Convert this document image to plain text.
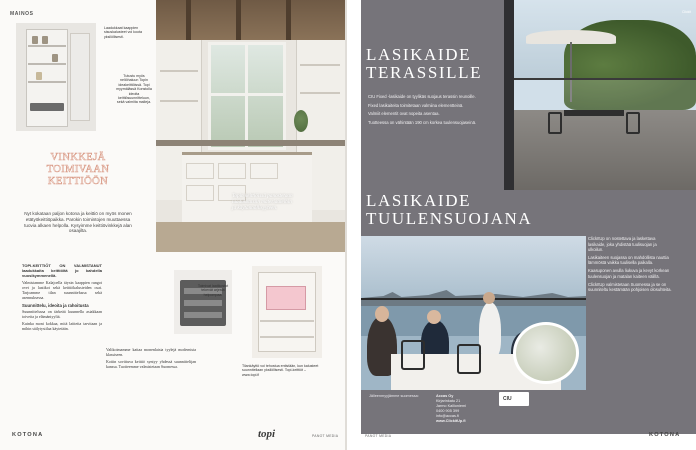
MAINOS
Laadukkaat kaappien sisuskalusteet voi koota yksilöllisesti.
Tutustu myös neliöhaluun Topin ideakeittiöissä. Topi myymälässä Konstolla ideoita keittiösuunnitteluun, sekä valmiita malleja.
Topin keittiöissä panostetaan laadukkaisiin materiaaleihin ja käytännöllisyyteen.
VINKKEJÄ TOIMIVAAN KEITTIÖÖN
Nyt kokataan paljon kotona ja keittiö on myös monen etätyökeittiöpaikka. Parokin toimintojen muuttaessa tuovia alkaen helpolla. Kysyimme keittiövinkkejä alan osaajilta.

TOPI-KEITTIÖT ON VALMISTANUT laadukkaita keittiöitä jo kahdella vuosikymmenellä.

Valmistamme Kalajoella täysin kaappien rungot ovet ja laatikot sekä keittiökalusteiden osat. Tarjoamme tilan suunnittelussa sekä asennuksessa.

Suunnittelu, ideoita ja rahoitusta

Suunnittelussa on tärkeää kuunnella asiakkaan toiveita ja elämäntyyliä.

Kuinka moni kokkaa, mitä laitteita tarvitaan ja mihin säilytystilaa käytetään.

Toimivat laatikostot tekevät arjesta helpompaa.
Tilankäyttö voi tehostua entistään, kun kalusteet suunnitellaan yksilöllisesti. Topi-keittiöt – www.topi.fi

Valikoimamme kattaa monenlaisia tyylejä modernista klassiseen.

Kotiin sovittuva keittiö syntyy yhdessä suunnittelijan kanssa. Tuotteemme valmistetaan Suomessa.

topi
KOTONA	PANOT MEDIA
LASIKAIDE TERASSILLE

CIU Fixed -lasikaide on tyylikäs suojaus terassin reunoille.

Fixed lasikaiteita toimitetaan valmiina elementteinä.

Valmiit elementit ovat nopeita asentaa.

Tuotteessa on vähintään 190 cm korkea tuulensuojaseinä.

Clickit
LASIKAIDE
TUULENSUOJANA

ClickItUp on nostettava ja laskettava lasikaide, joka yhdistää tuulisuojan ja ulkoilun.

Lasikaiteen suojassa on mahdollista nauttia lämmöstä vaikka tuulisella paikalla.

Kaasuponen avulla liukuva ja kevyt korkean tuulensuojan ja matalan kaiteen välillä.

ClickItUp valmistetaan Suomessa ja se on suunniteltu kestämään pohjoisen olosuhteita.

Jälleenmyyjämme suomessa:	Accas Oy
Kirjarinkatu 21
Jarmo Kallioniemi
0400 905 399
info@accas.fi
www.ClickitUp.fi
CIU
PANOT MEDIA	KOTONA
